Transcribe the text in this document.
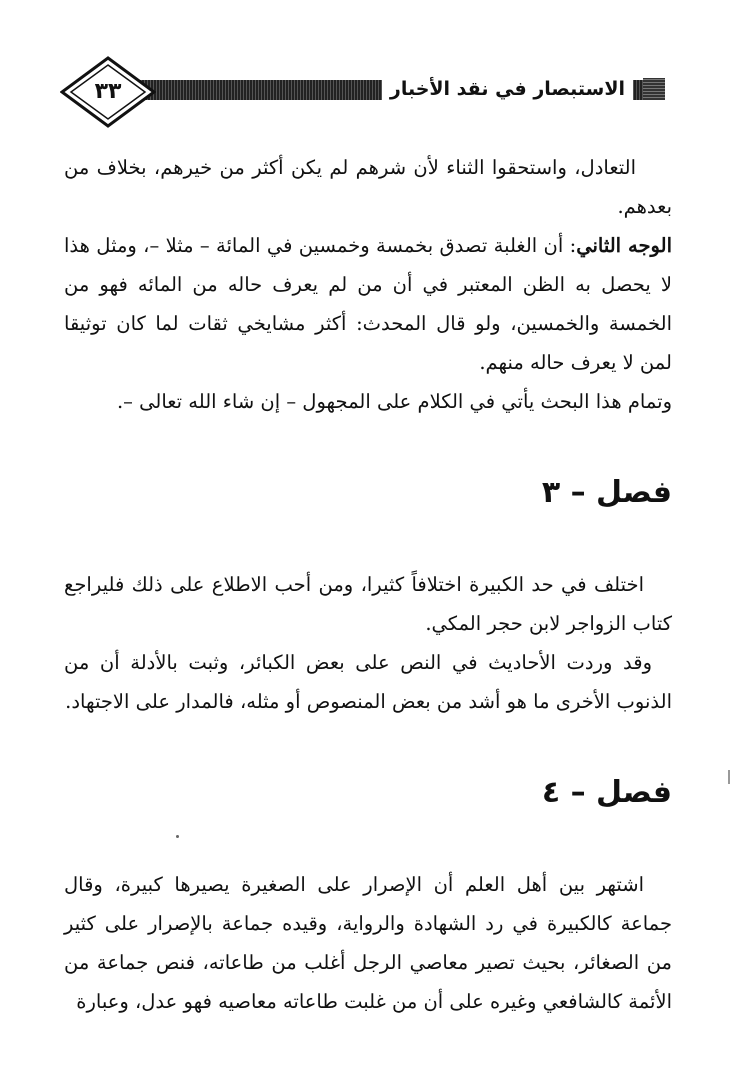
الاستبصار في نقد الأخبار
٣٣

التعادل، واستحقوا الثناء لأن شرهم لم يكن أكثر من خيرهم، بخلاف من بعدهم.

الوجه الثاني: أن الغلبة تصدق بخمسة وخمسين في المائة – مثلا –، ومثل هذا لا يحصل به الظن المعتبر في أن من لم يعرف حاله من المائه فهو من الخمسة والخمسين، ولو قال المحدث: أكثر مشايخي ثقات لما كان توثيقا لمن لا يعرف حاله منهم.

وتمام هذا البحث يأتي في الكلام على المجهول – إن شاء الله تعالى –.

فصل – ٣

اختلف في حد الكبيرة اختلافاً كثيرا، ومن أحب الاطلاع على ذلك فليراجع كتاب الزواجر لابن حجر المكي.

وقد وردت الأحاديث في النص على بعض الكبائر، وثبت بالأدلة أن من الذنوب الأخرى ما هو أشد من بعض المنصوص أو مثله، فالمدار على الاجتهاد.

فصل – ٤

اشتهر بين أهل العلم أن الإصرار على الصغيرة يصيرها كبيرة، وقال جماعة كالكبيرة في رد الشهادة والرواية، وقيده جماعة بالإصرار على كثير من الصغائر، بحيث تصير معاصي الرجل أغلب من طاعاته، فنص جماعة من الأئمة كالشافعي وغيره على أن من غلبت طاعاته معاصيه فهو عدل، وعبارة
